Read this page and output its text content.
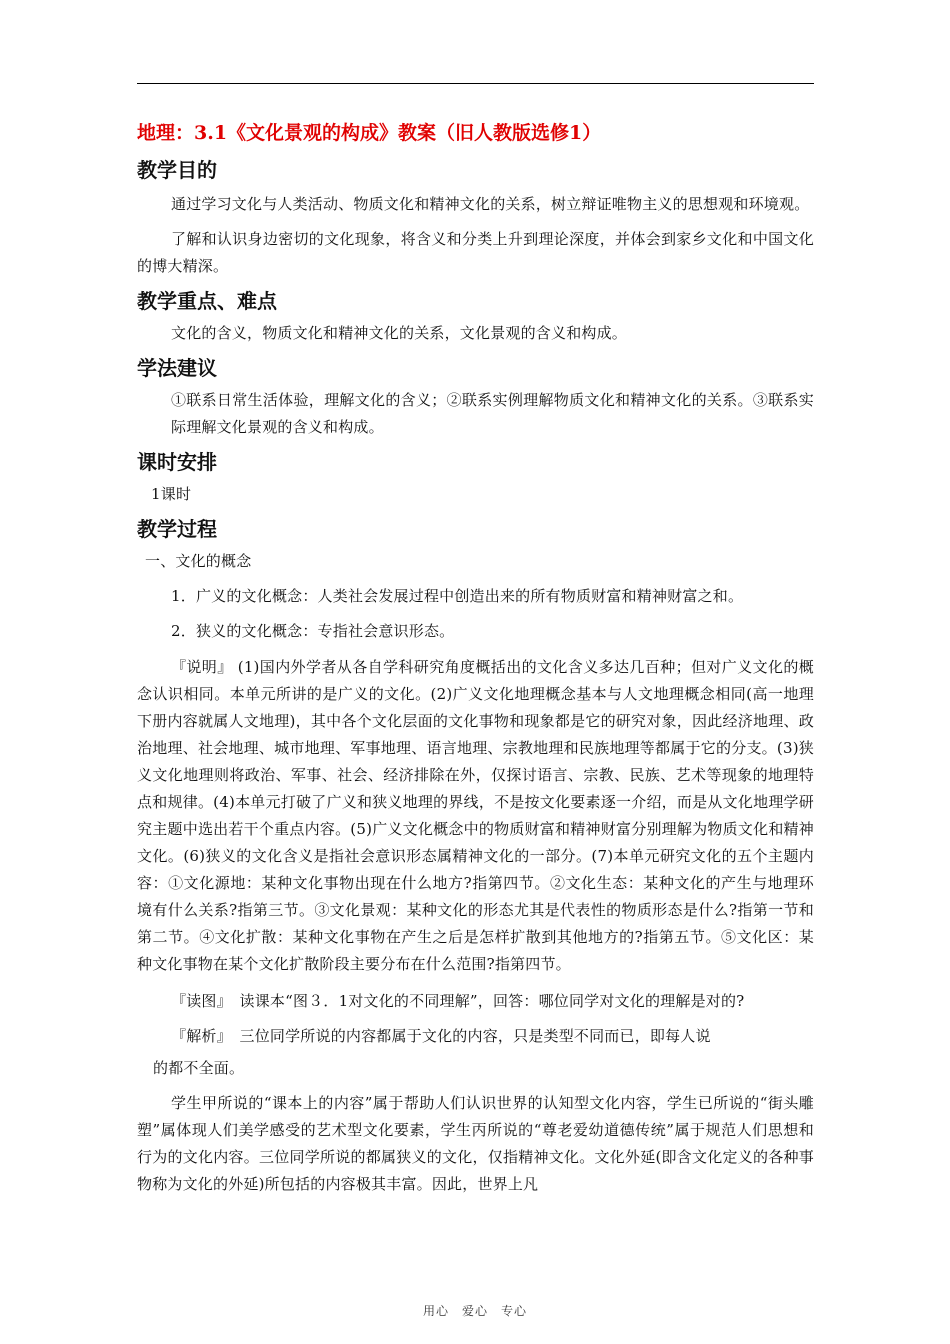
地理：3.1《文化景观的构成》教案（旧人教版选修1）

教学目的

通过学习文化与人类活动、物质文化和精神文化的关系，树立辩证唯物主义的思想观和环境观。

了解和认识身边密切的文化现象，将含义和分类上升到理论深度，并体会到家乡文化和中国文化的博大精深。

教学重点、难点

文化的含义，物质文化和精神文化的关系，文化景观的含义和构成。

学法建议

①联系日常生活体验，理解文化的含义；②联系实例理解物质文化和精神文化的关系。③联系实际理解文化景观的含义和构成。

课时安排

1课时

教学过程

一、文化的概念

1．广义的文化概念：人类社会发展过程中创造出来的所有物质财富和精神财富之和。

2．狭义的文化概念：专指社会意识形态。

『说明』 (1)国内外学者从各自学科研究角度概括出的文化含义多达几百种；但对广义文化的概念认识相同。本单元所讲的是广义的文化。(2)广义文化地理概念基本与人文地理概念相同(高一地理下册内容就属人文地理)，其中各个文化层面的文化事物和现象都是它的研究对象，因此经济地理、政治地理、社会地理、城市地理、军事地理、语言地理、宗教地理和民族地理等都属于它的分支。(3)狭义文化地理则将政治、军事、社会、经济排除在外，仅探讨语言、宗教、民族、艺术等现象的地理特点和规律。(4)本单元打破了广义和狭义地理的界线，不是按文化要素逐一介绍，而是从文化地理学研究主题中选出若干个重点内容。(5)广义文化概念中的物质财富和精神财富分别理解为物质文化和精神文化。(6)狭义的文化含义是指社会意识形态属精神文化的一部分。(7)本单元研究文化的五个主题内容：①文化源地：某种文化事物出现在什么地方?指第四节。②文化生态：某种文化的产生与地理环境有什么关系?指第三节。③文化景观：某种文化的形态尤其是代表性的物质形态是什么?指第一节和第二节。④文化扩散：某种文化事物在产生之后是怎样扩散到其他地方的?指第五节。⑤文化区：某种文化事物在某个文化扩散阶段主要分布在什么范围?指第四节。

『读图』　读课本“图３．1对文化的不同理解”，回答：哪位同学对文化的理解是对的?

『解析』　三位同学所说的内容都属于文化的内容，只是类型不同而已，即每人说

的都不全面。

学生甲所说的“课本上的内容”属于帮助人们认识世界的认知型文化内容，学生已所说的“街头雕塑”属体现人们美学感受的艺术型文化要素，学生丙所说的“尊老爱幼道德传统”属于规范人们思想和行为的文化内容。三位同学所说的都属狭义的文化，仅指精神文化。文化外延(即含文化定义的各种事物称为文化的外延)所包括的内容极其丰富。因此，世界上凡

用心　爱心　专心
